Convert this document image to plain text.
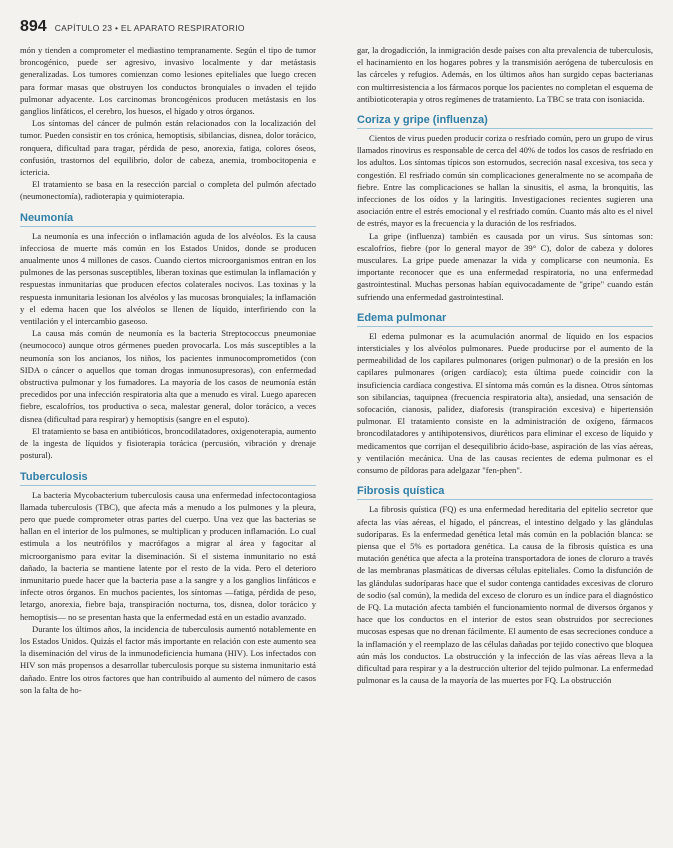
894 CAPÍTULO 23 • EL APARATO RESPIRATORIO

món y tienden a comprometer el mediastino tempranamente. Según el tipo de tumor broncogénico, puede ser agresivo, invasivo localmente y dar metástasis generalizadas. Los tumores comienzan como lesiones epiteliales que luego crecen para formar masas que obstruyen los conductos bronquiales o invaden el tejido pulmonar adyacente. Los carcinomas broncogénicos producen metástasis en los ganglios linfáticos, el cerebro, los huesos, el hígado y otros órganos.

Los síntomas del cáncer de pulmón están relacionados con la localización del tumor. Pueden consistir en tos crónica, hemoptisis, sibilancias, disnea, dolor torácico, ronquera, dificultad para tragar, pérdida de peso, anorexia, fatiga, colores óseos, confusión, trastornos del equilibrio, dolor de cabeza, anemia, trombocitopenia e ictericia.

El tratamiento se basa en la resección parcial o completa del pulmón afectado (neumonectomía), radioterapia y quimioterapia.

Neumonía

La neumonía es una infección o inflamación aguda de los alvéolos. Es la causa infecciosa de muerte más común en los Estados Unidos, donde se producen anualmente unos 4 millones de casos. Cuando ciertos microorganismos entran en los pulmones de las personas susceptibles, liberan toxinas que estimulan la inflamación y respuestas inmunitarias que producen efectos colaterales nocivos. Las toxinas y la respuesta inmunitaria lesionan los alvéolos y las mucosas bronquiales; la inflamación y el edema hacen que los alvéolos se llenen de líquido, interfiriendo con la ventilación y el intercambio gaseoso.

La causa más común de neumonía es la bacteria Streptococcus pneumoniae (neumococo) aunque otros gérmenes pueden provocarla. Los más susceptibles a la neumonía son los ancianos, los niños, los pacientes inmunocomprometidos (con SIDA o cáncer o aquellos que toman drogas inmunosupresoras), con enfermedad obstructiva pulmonar y los fumadores. La mayoría de los casos de neumonía están precedidos por una infección respiratoria alta que a menudo es viral. Luego aparecen fiebre, escalofríos, tos productiva o seca, malestar general, dolor torácico, a veces disnea (dificultad para respirar) y hemoptisis (sangre en el esputo).

El tratamiento se basa en antibióticos, broncodilatadores, oxigenoterapia, aumento de la ingesta de líquidos y fisioterapia torácica (percusión, vibración y drenaje postural).

Tuberculosis

La bacteria Mycobacterium tuberculosis causa una enfermedad infectocontagiosa llamada tuberculosis (TBC), que afecta más a menudo a los pulmones y la pleura, pero que puede comprometer otras partes del cuerpo. Una vez que las bacterias se hallan en el interior de los pulmones, se multiplican y producen inflamación. Lo cual estimula a los neutrófilos y macrófagos a migrar al área y fagocitar al microorganismo para evitar la diseminación. Si el sistema inmunitario no está dañado, la bacteria se mantiene latente por el resto de la vida. Pero el deterioro inmunitario puede hacer que la bacteria pase a la sangre y a los ganglios linfáticos e infecte otros órganos. En muchos pacientes, los síntomas —fatiga, pérdida de peso, letargo, anorexia, fiebre baja, transpiración nocturna, tos, disnea, dolor torácico y hemoptisis— no se presentan hasta que la enfermedad está en un estadio avanzado.

Durante los últimos años, la incidencia de tuberculosis aumentó notablemente en los Estados Unidos. Quizás el factor más importante en relación con este aumento sea la diseminación del virus de la inmunodeficiencia humana (HIV). Los infectados con HIV son más propensos a desarrollar tuberculosis porque su sistema inmunitario está dañado. Entre los otros factores que han contribuido al aumento del número de casos son la falta de ho-

gar, la drogadicción, la inmigración desde países con alta prevalencia de tuberculosis, el hacinamiento en los hogares pobres y la transmisión aerógena de tuberculosis en las cárceles y refugios. Además, en los últimos años han surgido cepas bacterianas con multirresistencia a los fármacos porque los pacientes no completan el esquema de antibioticoterapia y otros regímenes de tratamiento. La TBC se trata con isoniacida.

Coriza y gripe (influenza)

Cientos de virus pueden producir coriza o resfriado común, pero un grupo de virus llamados rinovirus es responsable de cerca del 40% de todos los casos de resfriado en los adultos. Los síntomas típicos son estornudos, secreción nasal excesiva, tos seca y congestión. El resfriado común sin complicaciones generalmente no se acompaña de fiebre. Entre las complicaciones se hallan la sinusitis, el asma, la bronquitis, las infecciones de los oídos y la laringitis. Investigaciones recientes sugieren una asociación entre el estrés emocional y el resfriado común. Cuanto más alto es el nivel de estrés, mayor es la frecuencia y la duración de los resfriados.

La gripe (influenza) también es causada por un virus. Sus síntomas son: escalofríos, fiebre (por lo general mayor de 39° C), dolor de cabeza y dolores musculares. La gripe puede amenazar la vida y complicarse con neumonía. Es importante reconocer que es una enfermedad respiratoria, no una enfermedad gastrointestinal. Muchas personas habían equivocadamente de "gripe" cuando están sufriendo una enfermedad gastrointestinal.

Edema pulmonar

El edema pulmonar es la acumulación anormal de líquido en los espacios intersticiales y los alvéolos pulmonares. Puede producirse por el aumento de la permeabilidad de los capilares pulmonares (origen pulmonar) o de la presión en los capilares pulmonares (origen cardíaco); esta última puede coincidir con la insuficiencia cardíaca congestiva. El síntoma más común es la disnea. Otros síntomas son sibilancias, taquipnea (frecuencia respiratoria alta), ansiedad, una sensación de sofocación, cianosis, palidez, diaforesis (transpiración excesiva) e hipertensión pulmonar. El tratamiento consiste en la administración de oxígeno, fármacos broncodilatadores y antihipotensivos, diuréticos para eliminar el exceso de líquido y medicamentos que corrijan el desequilibrio ácido-base, aspiración de las vías aéreas, y ventilación mecánica. Una de las causas recientes de edema pulmonar es el consumo de píldoras para adelgazar "fen-phen".

Fibrosis quística

La fibrosis quística (FQ) es una enfermedad hereditaria del epitelio secretor que afecta las vías aéreas, el hígado, el páncreas, el intestino delgado y las glándulas sudoríparas. Es la enfermedad genética letal más común en la población blanca: se piensa que el 5% es portadora genética. La causa de la fibrosis quística es una mutación genética que afecta a la proteína transportadora de iones de cloruro a través de las membranas plasmáticas de diversas células epiteliales. Como la disfunción de las glándulas sudoríparas hace que el sudor contenga cantidades excesivas de cloruro de sodio (sal común), la medida del exceso de cloruro es un índice para el diagnóstico de FQ. La mutación afecta también el funcionamiento normal de diversos órganos y hace que los conductos en el interior de estos sean obstruidos por secreciones mucosas espesas que no drenan fácilmente. El aumento de esas secreciones conduce a la inflamación y el reemplazo de las células dañadas por tejido conectivo que bloquea aún más los conductos. La obstrucción y la infección de las vías aéreas lleva a la dificultad para respirar y a la destrucción ulterior del tejido pulmonar. La enfermedad pulmonar es la causa de la mayoría de las muertes por FQ. La obstrucción
